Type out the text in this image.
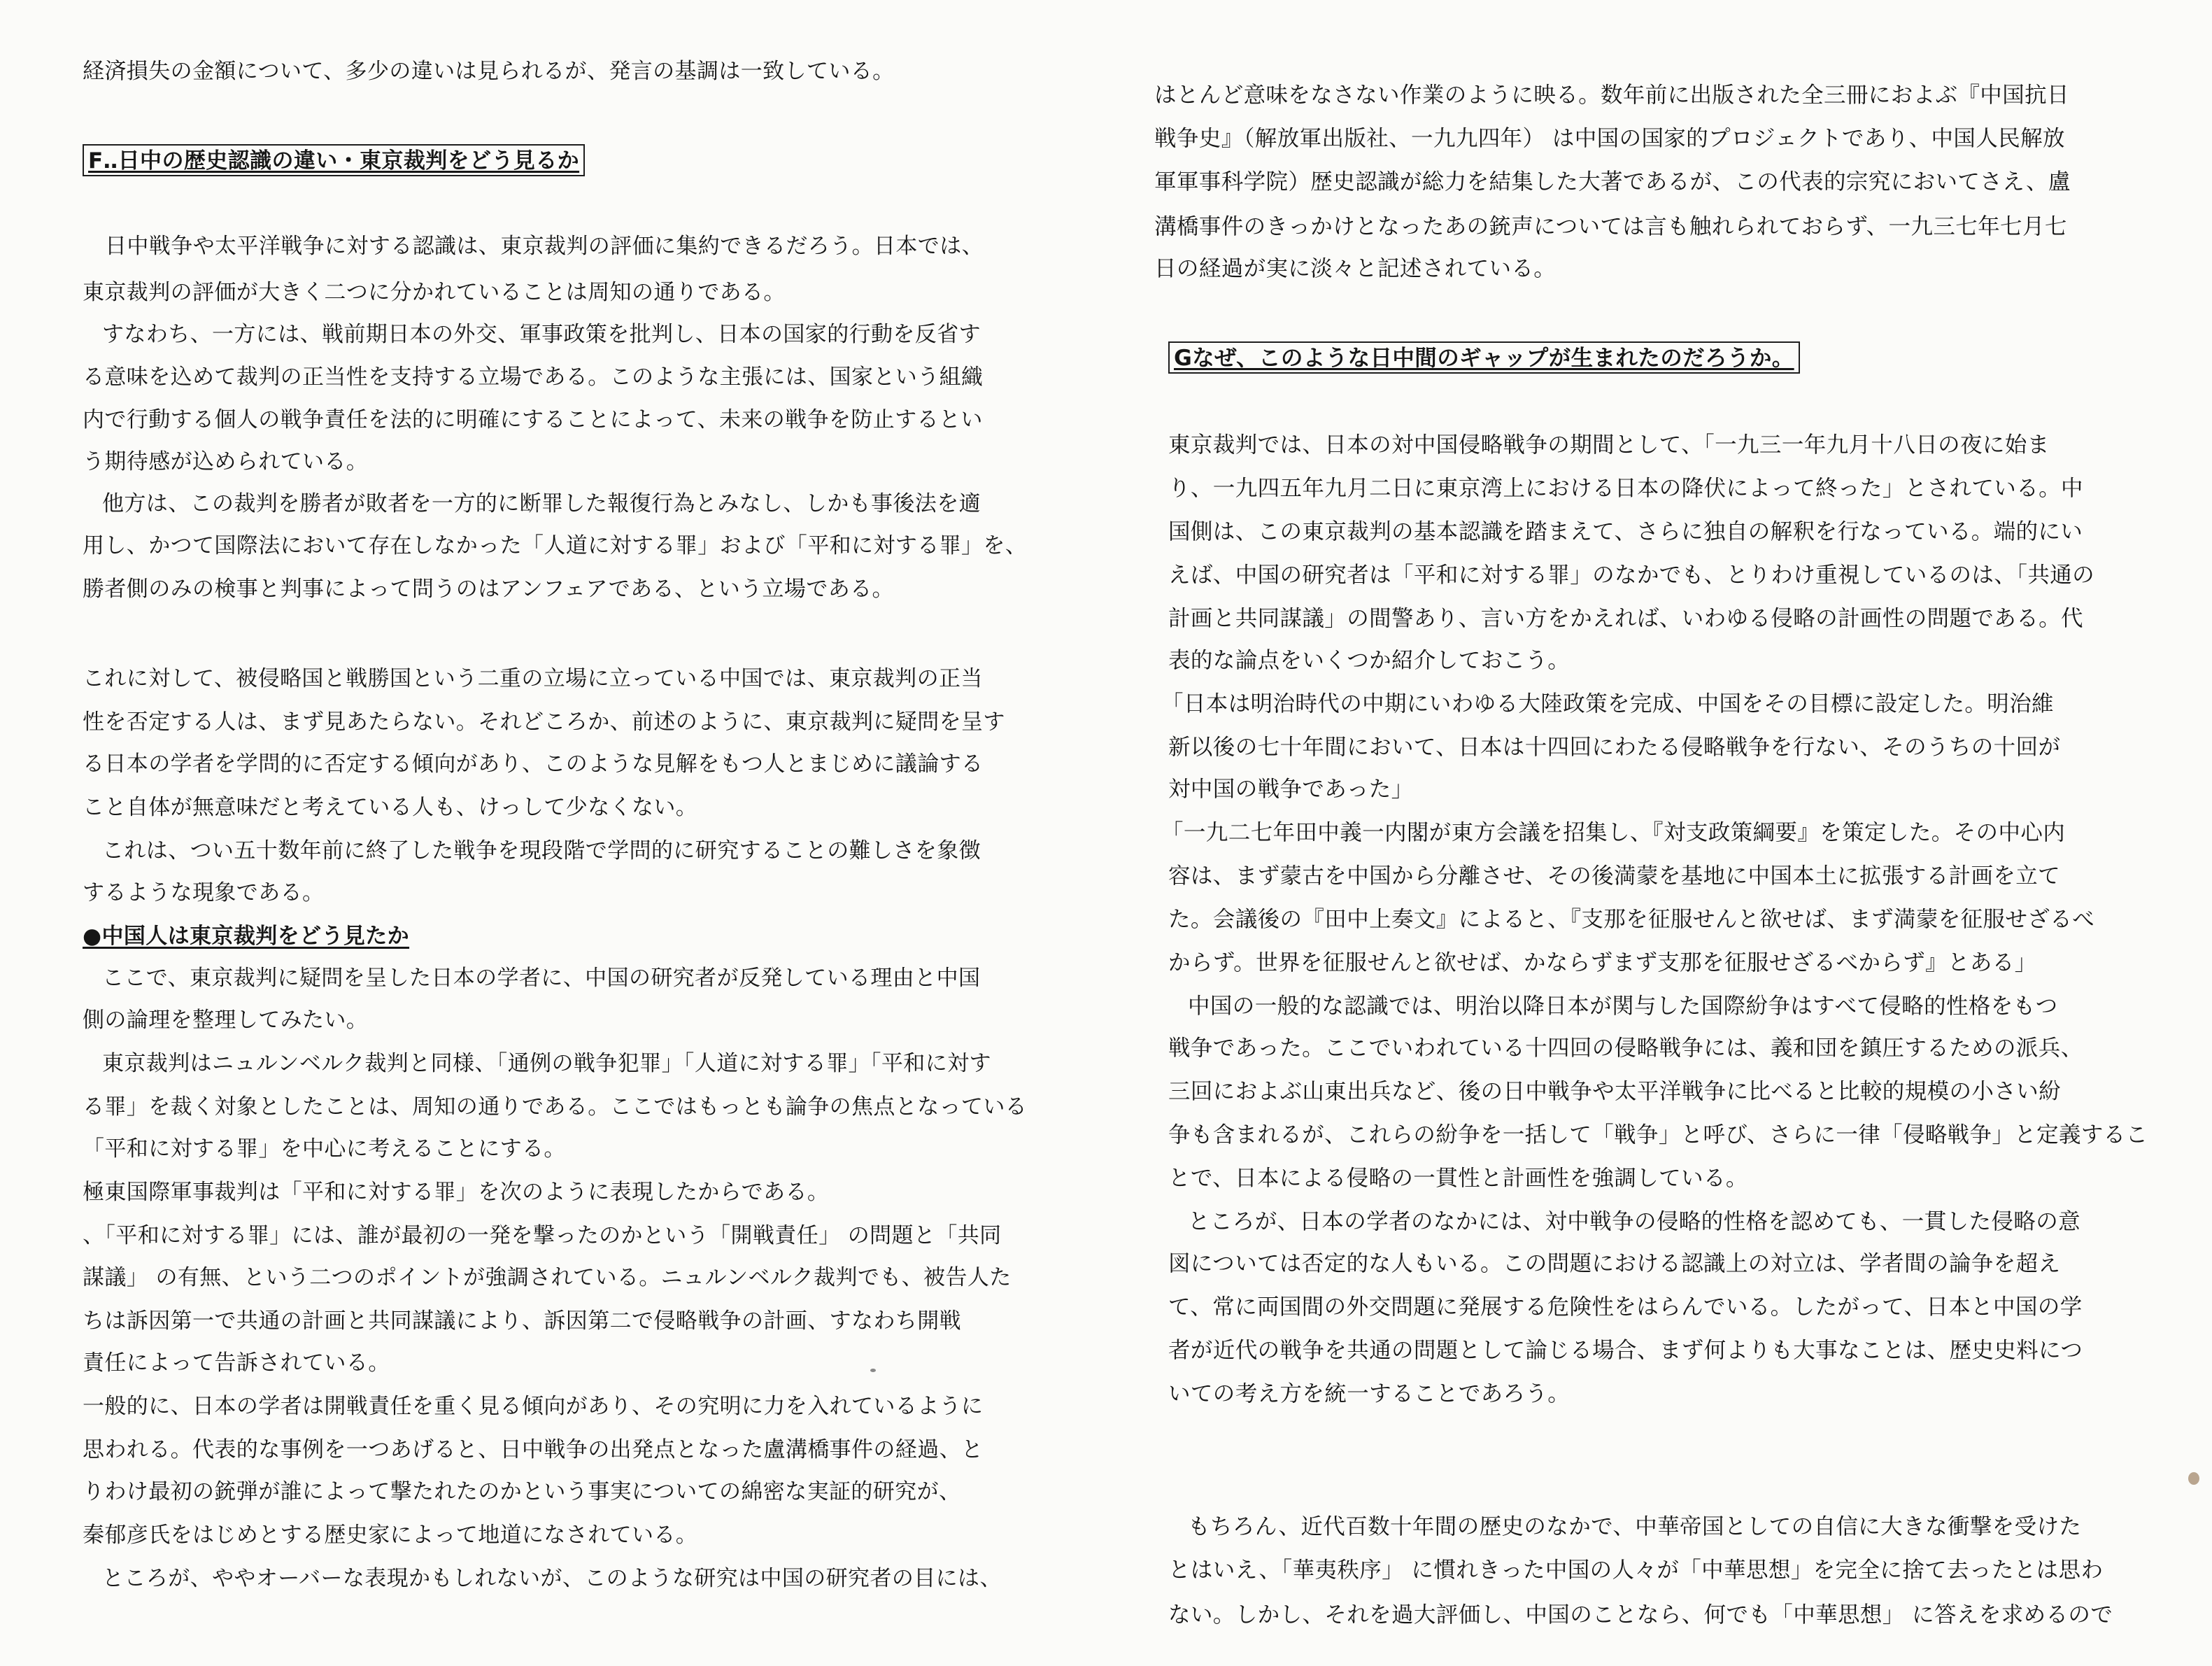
経済損失の金額について、多少の違いは見られるが、発言の基調は一致している。
F‥日中の歴史認識の違い・東京裁判をどう見るか
日中戦争や太平洋戦争に対する認識は、東京裁判の評価に集約できるだろう。日本では、
東京裁判の評価が大きく二つに分かれていることは周知の通りである。
すなわち、一方には、戦前期日本の外交、軍事政策を批判し、日本の国家的行動を反省す
る意味を込めて裁判の正当性を支持する立場である。このような主張には、国家という組織
内で行動する個人の戦争責任を法的に明確にすることによって、未来の戦争を防止するとい
う期待感が込められている。
他方は、この裁判を勝者が敗者を一方的に断罪した報復行為とみなし、しかも事後法を適
用し、かつて国際法において存在しなかった「人道に対する罪」および「平和に対する罪」を、
勝者側のみの検事と判事によって問うのはアンフェアである、という立場である。
これに対して、被侵略国と戦勝国という二重の立場に立っている中国では、東京裁判の正当
性を否定する人は、まず見あたらない。それどころか、前述のように、東京裁判に疑問を呈す
る日本の学者を学問的に否定する傾向があり、このような見解をもつ人とまじめに議論する
こと自体が無意味だと考えている人も、けっして少なくない。
これは、つい五十数年前に終了した戦争を現段階で学問的に研究することの難しさを象徴
するような現象である。
●中国人は東京裁判をどう見たか
ここで、東京裁判に疑問を呈した日本の学者に、中国の研究者が反発している理由と中国
側の論理を整理してみたい。
東京裁判はニュルンベルク裁判と同様、「通例の戦争犯罪」「人道に対する罪」「平和に対す
る罪」を裁く対象としたことは、周知の通りである。ここではもっとも論争の焦点となっている
「平和に対する罪」を中心に考えることにする。
極東国際軍事裁判は「平和に対する罪」を次のように表現したからである。
、「平和に対する罪」には、誰が最初の一発を撃ったのかという「開戦責任」 の問題と「共同
謀議」 の有無、という二つのポイントが強調されている。ニュルンベルク裁判でも、被告人た
ちは訴因第一で共通の計画と共同謀議により、訴因第二で侵略戦争の計画、すなわち開戦
責任によって告訴されている。
一般的に、日本の学者は開戦責任を重く見る傾向があり、その究明に力を入れているように
思われる。代表的な事例を一つあげると、日中戦争の出発点となった盧溝橋事件の経過、と
りわけ最初の銃弾が誰によって撃たれたのかという事実についての綿密な実証的研究が、
秦郁彦氏をはじめとする歴史家によって地道になされている。
ところが、ややオーバーな表現かもしれないが、このような研究は中国の研究者の目には、
はとんど意味をなさない作業のように映る。数年前に出版された全三冊におよぶ『中国抗日
戦争史』（解放軍出版社、一九九四年） は中国の国家的プロジェクトであり、中国人民解放
軍軍事科学院）歴史認識が総力を結集した大著であるが、この代表的宗究においてさえ、盧
溝橋事件のきっかけとなったあの銃声については言も触れられておらず、一九三七年七月七
日の経過が実に淡々と記述されている。
Gなぜ、このような日中間のギャップが生まれたのだろうか。
東京裁判では、日本の対中国侵略戦争の期間として、「一九三一年九月十八日の夜に始ま
り、一九四五年九月二日に東京湾上における日本の降伏によって終った」とされている。中
国側は、この東京裁判の基本認識を踏まえて、さらに独自の解釈を行なっている。端的にい
えば、中国の研究者は「平和に対する罪」のなかでも、とりわけ重視しているのは、「共通の
計画と共同謀議」の間警あり、言い方をかえれば、いわゆる侵略の計画性の問題である。代
表的な論点をいくつか紹介しておこう。
「日本は明治時代の中期にいわゆる大陸政策を完成、中国をその目標に設定した。明治維
新以後の七十年間において、日本は十四回にわたる侵略戦争を行ない、そのうちの十回が
対中国の戦争であった」
「一九二七年田中義一内閣が東方会議を招集し、『対支政策綱要』を策定した。その中心内
容は、まず蒙古を中国から分離させ、その後満蒙を基地に中国本土に拡張する計画を立て
た。会議後の『田中上奏文』によると、『支那を征服せんと欲せば、まず満蒙を征服せざるべ
からず。世界を征服せんと欲せば、かならずまず支那を征服せざるべからず』とある」
中国の一般的な認識では、明治以降日本が関与した国際紛争はすべて侵略的性格をもつ
戦争であった。ここでいわれている十四回の侵略戦争には、義和団を鎮圧するための派兵、
三回におよぶ山東出兵など、後の日中戦争や太平洋戦争に比べると比較的規模の小さい紛
争も含まれるが、これらの紛争を一括して「戦争」と呼び、さらに一律「侵略戦争」と定義するこ
とで、日本による侵略の一貫性と計画性を強調している。
ところが、日本の学者のなかには、対中戦争の侵略的性格を認めても、一貫した侵略の意
図については否定的な人もいる。この問題における認識上の対立は、学者間の論争を超え
て、常に両国間の外交問題に発展する危険性をはらんでいる。したがって、日本と中国の学
者が近代の戦争を共通の問題として論じる場合、まず何よりも大事なことは、歴史史料につ
いての考え方を統一することであろう。
もちろん、近代百数十年間の歴史のなかで、中華帝国としての自信に大きな衝撃を受けた
とはいえ、「華夷秩序」 に慣れきった中国の人々が「中華思想」を完全に捨て去ったとは思わ
ない。しかし、それを過大評価し、中国のことなら、何でも「中華思想」 に答えを求めるので
